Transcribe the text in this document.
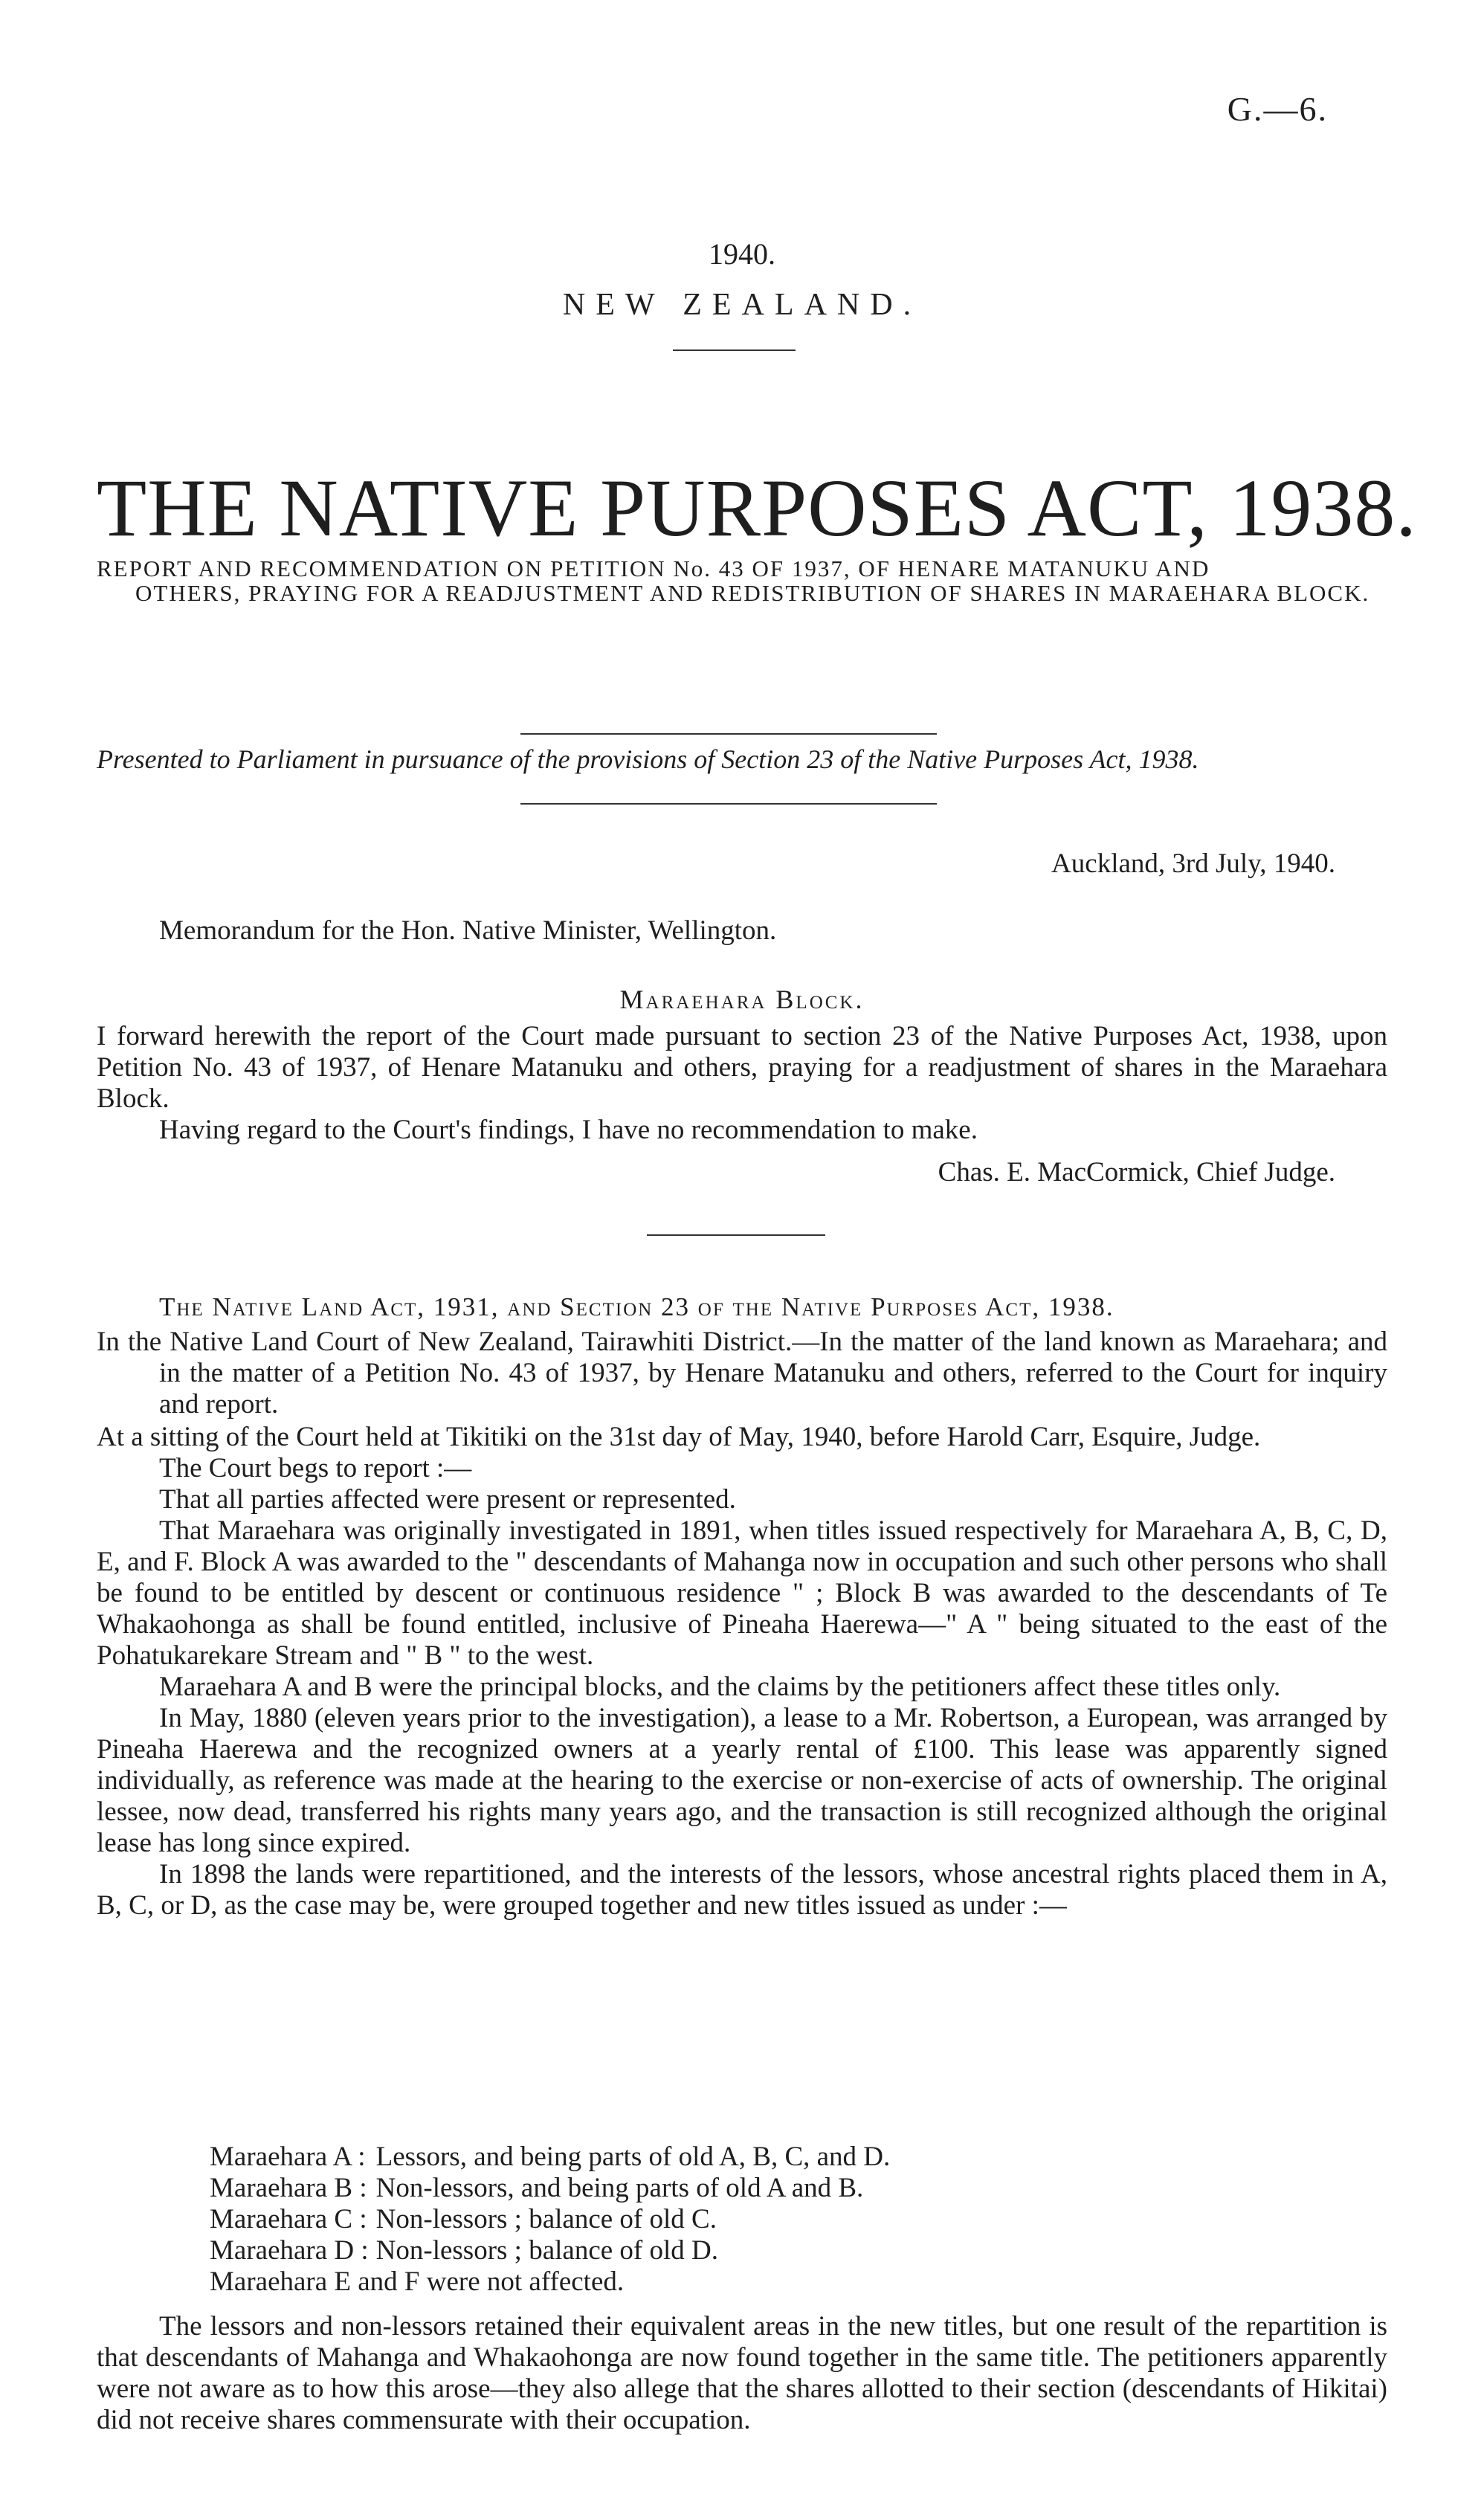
G.—6.
1940.
NEW ZEALAND.
THE NATIVE PURPOSES ACT, 1938.
REPORT AND RECOMMENDATION ON PETITION No. 43 OF 1937, OF HENARE MATANUKU AND
OTHERS, PRAYING FOR A READJUSTMENT AND REDISTRIBUTION OF SHARES IN MARAEHARA BLOCK.
Presented to Parliament in pursuance of the provisions of Section 23 of the Native Purposes Act, 1938.
Auckland, 3rd July, 1940.
Memorandum for the Hon. Native Minister, Wellington.
Maraehara Block.
I forward herewith the report of the Court made pursuant to section 23 of the Native Purposes Act, 1938, upon Petition No. 43 of 1937, of Henare Matanuku and others, praying for a readjustment of shares in the Maraehara Block.
Having regard to the Court's findings, I have no recommendation to make.
Chas. E. MacCormick, Chief Judge.
The Native Land Act, 1931, and Section 23 of the Native Purposes Act, 1938.
In the Native Land Court of New Zealand, Tairawhiti District.—In the matter of the land known as Maraehara; and in the matter of a Petition No. 43 of 1937, by Henare Matanuku and others, referred to the Court for inquiry and report.
At a sitting of the Court held at Tikitiki on the 31st day of May, 1940, before Harold Carr, Esquire, Judge.
The Court begs to report :—
That all parties affected were present or represented.
That Maraehara was originally investigated in 1891, when titles issued respectively for Maraehara A, B, C, D, E, and F. Block A was awarded to the " descendants of Mahanga now in occupation and such other persons who shall be found to be entitled by descent or continuous residence " ; Block B was awarded to the descendants of Te Whakaohonga as shall be found entitled, inclusive of Pineaha Haerewa—" A " being situated to the east of the Pohatukarekare Stream and " B " to the west.
Maraehara A and B were the principal blocks, and the claims by the petitioners affect these titles only.
In May, 1880 (eleven years prior to the investigation), a lease to a Mr. Robertson, a European, was arranged by Pineaha Haerewa and the recognized owners at a yearly rental of £100. This lease was apparently signed individually, as reference was made at the hearing to the exercise or non-exercise of acts of ownership. The original lessee, now dead, transferred his rights many years ago, and the transaction is still recognized although the original lease has long since expired.
In 1898 the lands were repartitioned, and the interests of the lessors, whose ancestral rights placed them in A, B, C, or D, as the case may be, were grouped together and new titles issued as under :—
Maraehara A :	Lessors, and being parts of old A, B, C, and D.
Maraehara B :	Non-lessors, and being parts of old A and B.
Maraehara C :	Non-lessors ; balance of old C.
Maraehara D :	Non-lessors ; balance of old D.
Maraehara E and F were not affected.	
The lessors and non-lessors retained their equivalent areas in the new titles, but one result of the repartition is that descendants of Mahanga and Whakaohonga are now found together in the same title. The petitioners apparently were not aware as to how this arose—they also allege that the shares allotted to their section (descendants of Hikitai) did not receive shares commensurate with their occupation.
